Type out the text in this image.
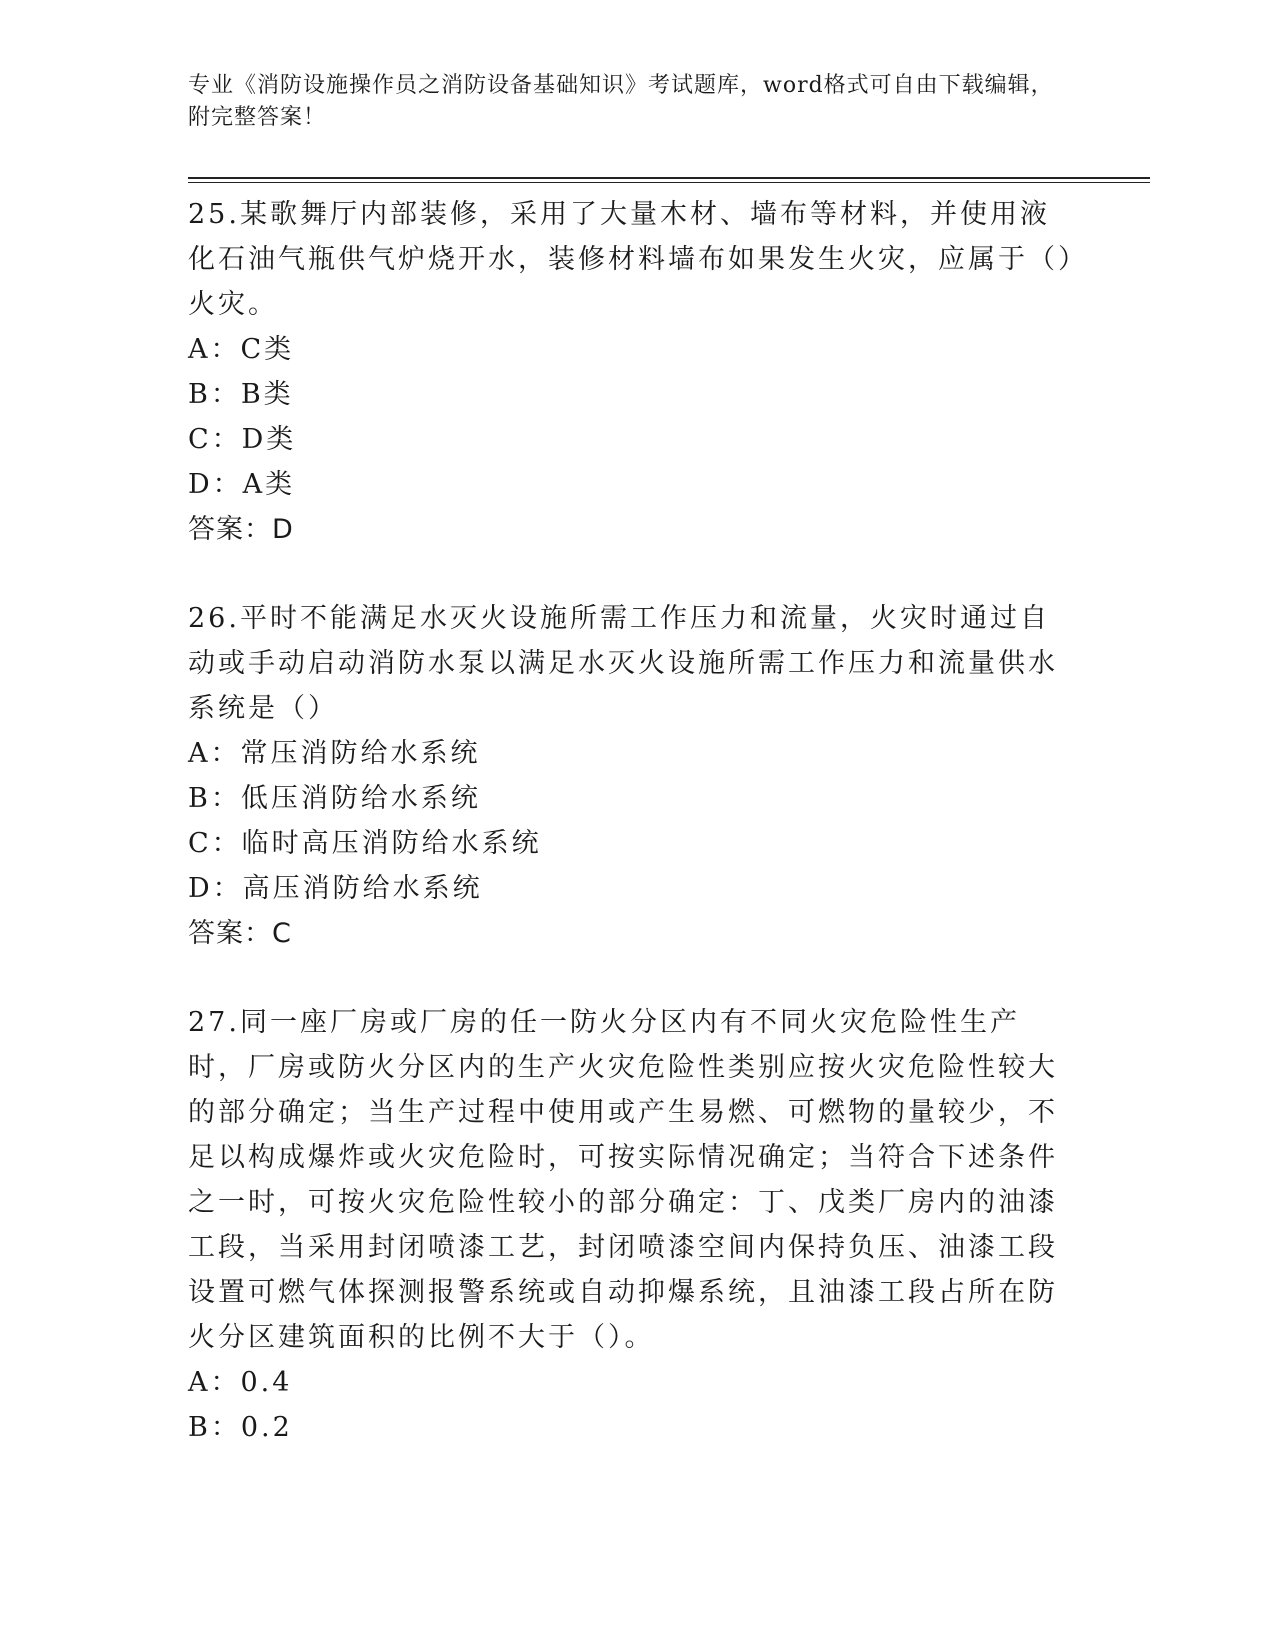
专业《消防设施操作员之消防设备基础知识》考试题库，word格式可自由下载编辑，附完整答案！

25.某歌舞厅内部装修，采用了大量木材、墙布等材料，并使用液化石油气瓶供气炉烧开水，装修材料墙布如果发生火灾，应属于（）火灾。

A：C类
B：B类
C：D类
D：A类
答案：D

26.平时不能满足水灭火设施所需工作压力和流量，火灾时通过自动或手动启动消防水泵以满足水灭火设施所需工作压力和流量供水系统是（）

A：常压消防给水系统
B：低压消防给水系统
C：临时高压消防给水系统
D：高压消防给水系统
答案：C

27.同一座厂房或厂房的任一防火分区内有不同火灾危险性生产时，厂房或防火分区内的生产火灾危险性类别应按火灾危险性较大的部分确定；当生产过程中使用或产生易燃、可燃物的量较少，不足以构成爆炸或火灾危险时，可按实际情况确定；当符合下述条件之一时，可按火灾危险性较小的部分确定：丁、戊类厂房内的油漆工段，当采用封闭喷漆工艺，封闭喷漆空间内保持负压、油漆工段设置可燃气体探测报警系统或自动抑爆系统，且油漆工段占所在防火分区建筑面积的比例不大于（）。

A：0.4
B：0.2
